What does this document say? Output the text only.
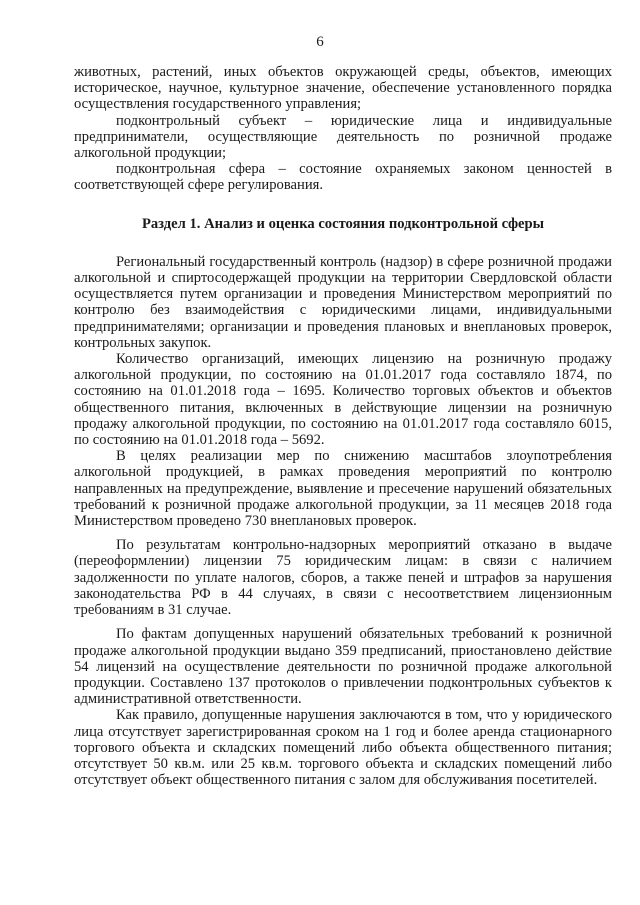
6

животных, растений, иных объектов окружающей среды, объектов, имеющих историческое, научное, культурное значение, обеспечение установленного порядка осуществления государственного управления;

подконтрольный субъект – юридические лица и индивидуальные предприниматели, осуществляющие деятельность по розничной продаже алкогольной продукции;

подконтрольная сфера – состояние охраняемых законом ценностей в соответствующей сфере регулирования.

Раздел 1. Анализ и оценка состояния подконтрольной сферы

Региональный государственный контроль (надзор) в сфере розничной продажи алкогольной и спиртосодержащей продукции на территории Свердловской области осуществляется путем организации и проведения Министерством мероприятий по контролю без взаимодействия с юридическими лицами, индивидуальными предпринимателями; организации и проведения плановых и внеплановых проверок, контрольных закупок.

Количество организаций, имеющих лицензию на розничную продажу алкогольной продукции, по состоянию на 01.01.2017 года составляло 1874, по состоянию на 01.01.2018 года – 1695. Количество торговых объектов и объектов общественного питания, включенных в действующие лицензии на розничную продажу алкогольной продукции, по состоянию на 01.01.2017 года составляло 6015, по состоянию на 01.01.2018 года – 5692.

В целях реализации мер по снижению масштабов злоупотребления алкогольной продукцией, в рамках проведения мероприятий по контролю направленных на предупреждение, выявление и пресечение нарушений обязательных требований к розничной продаже алкогольной продукции, за 11 месяцев 2018 года Министерством проведено 730 внеплановых проверок.

По результатам контрольно-надзорных мероприятий отказано в выдаче (переоформлении) лицензии 75 юридическим лицам: в связи с наличием задолженности по уплате налогов, сборов, а также пеней и штрафов за нарушения законодательства РФ в 44 случаях, в связи с несоответствием лицензионным требованиям в 31 случае.

По фактам допущенных нарушений обязательных требований к розничной продаже алкогольной продукции выдано 359 предписаний, приостановлено действие 54 лицензий на осуществление деятельности по розничной продаже алкогольной продукции. Составлено 137 протоколов о привлечении подконтрольных субъектов к административной ответственности.

Как правило, допущенные нарушения заключаются в том, что у юридического лица отсутствует зарегистрированная сроком на 1 год и более аренда стационарного торгового объекта и складских помещений либо объекта общественного питания; отсутствует 50 кв.м. или 25 кв.м. торгового объекта и складских помещений либо отсутствует объект общественного питания с залом для обслуживания посетителей.
